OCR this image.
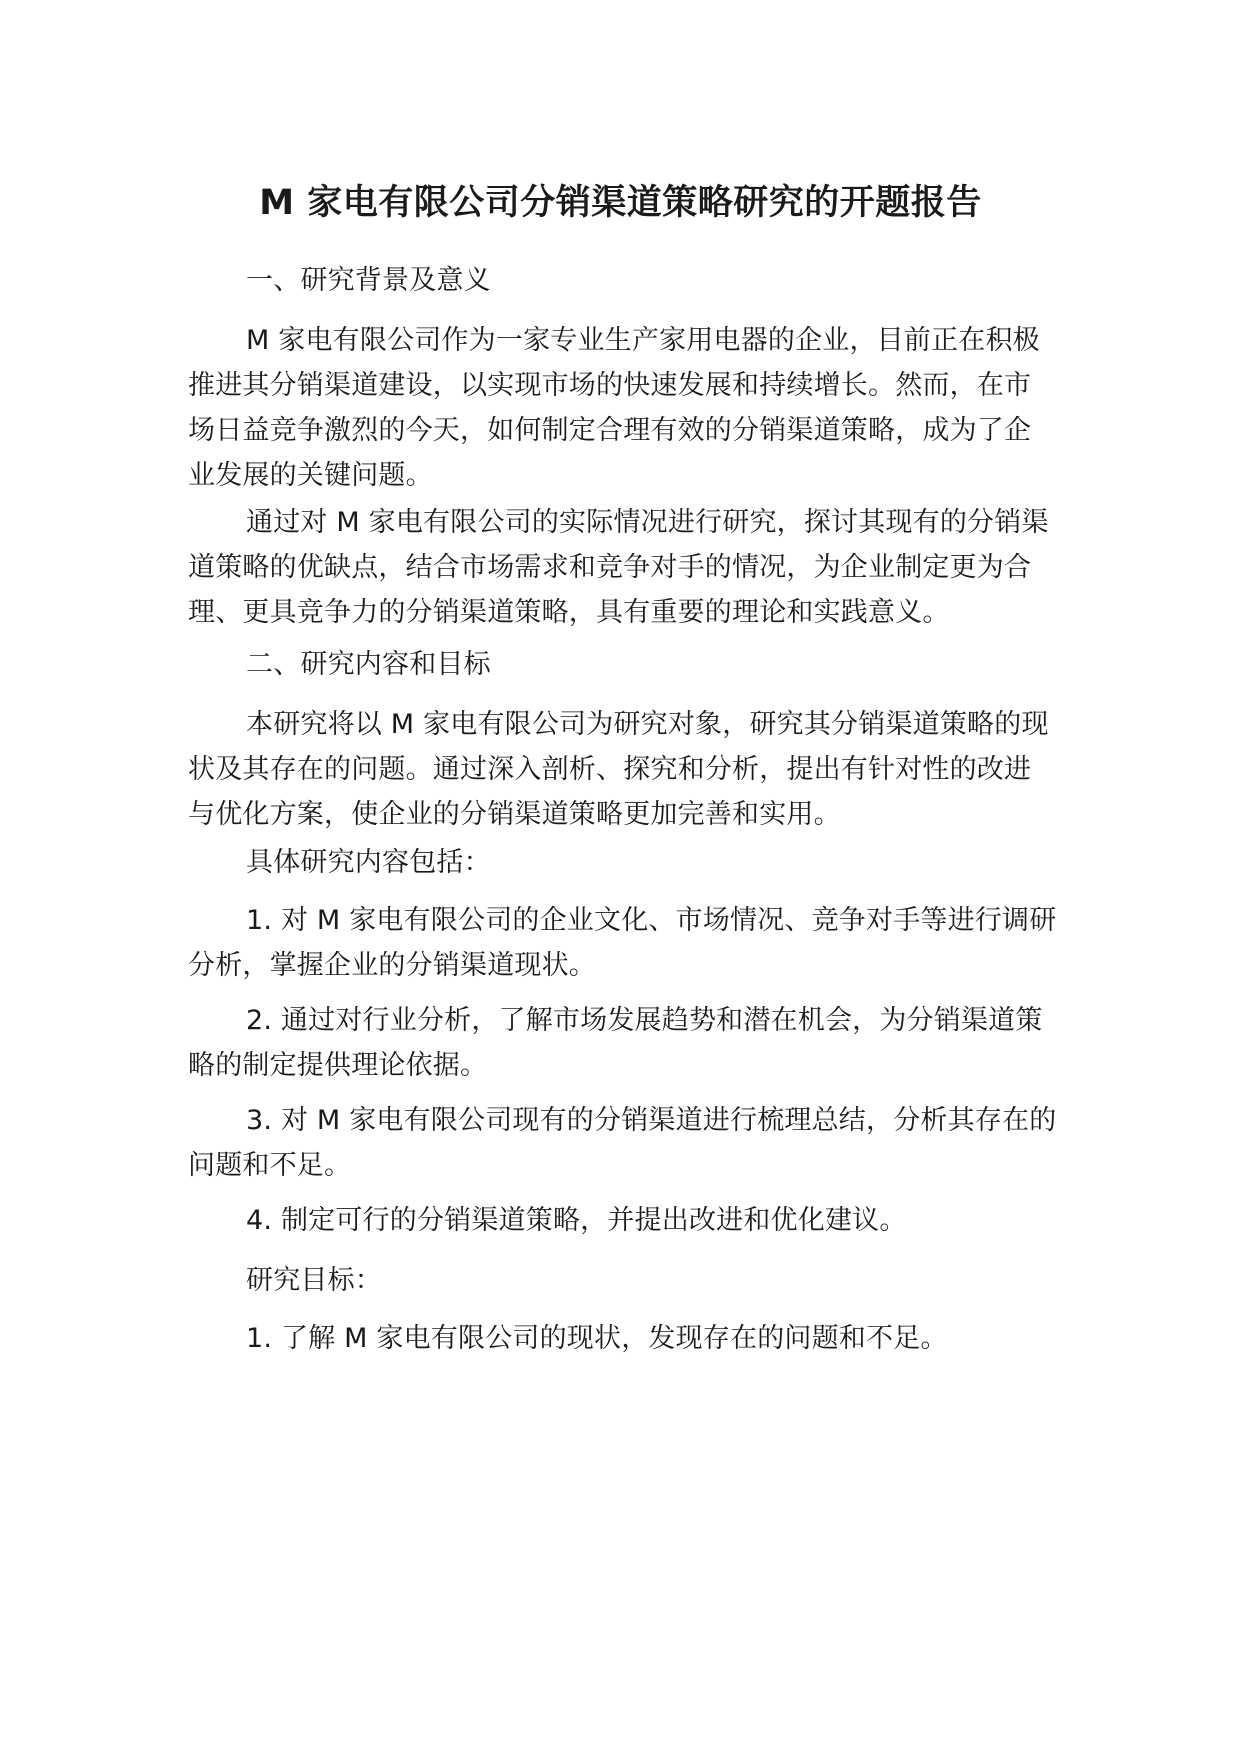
M 家电有限公司分销渠道策略研究的开题报告
一、研究背景及意义
M 家电有限公司作为一家专业生产家用电器的企业，目前正在积极推进其分销渠道建设，以实现市场的快速发展和持续增长。然而，在市场日益竞争激烈的今天，如何制定合理有效的分销渠道策略，成为了企业发展的关键问题。
通过对 M 家电有限公司的实际情况进行研究，探讨其现有的分销渠道策略的优缺点，结合市场需求和竞争对手的情况，为企业制定更为合理、更具竞争力的分销渠道策略，具有重要的理论和实践意义。
二、研究内容和目标
本研究将以 M 家电有限公司为研究对象，研究其分销渠道策略的现状及其存在的问题。通过深入剖析、探究和分析，提出有针对性的改进与优化方案，使企业的分销渠道策略更加完善和实用。
具体研究内容包括：
1. 对 M 家电有限公司的企业文化、市场情况、竞争对手等进行调研分析，掌握企业的分销渠道现状。
2. 通过对行业分析，了解市场发展趋势和潜在机会，为分销渠道策略的制定提供理论依据。
3. 对 M 家电有限公司现有的分销渠道进行梳理总结，分析其存在的问题和不足。
4. 制定可行的分销渠道策略，并提出改进和优化建议。
研究目标：
1. 了解 M 家电有限公司的现状，发现存在的问题和不足。
